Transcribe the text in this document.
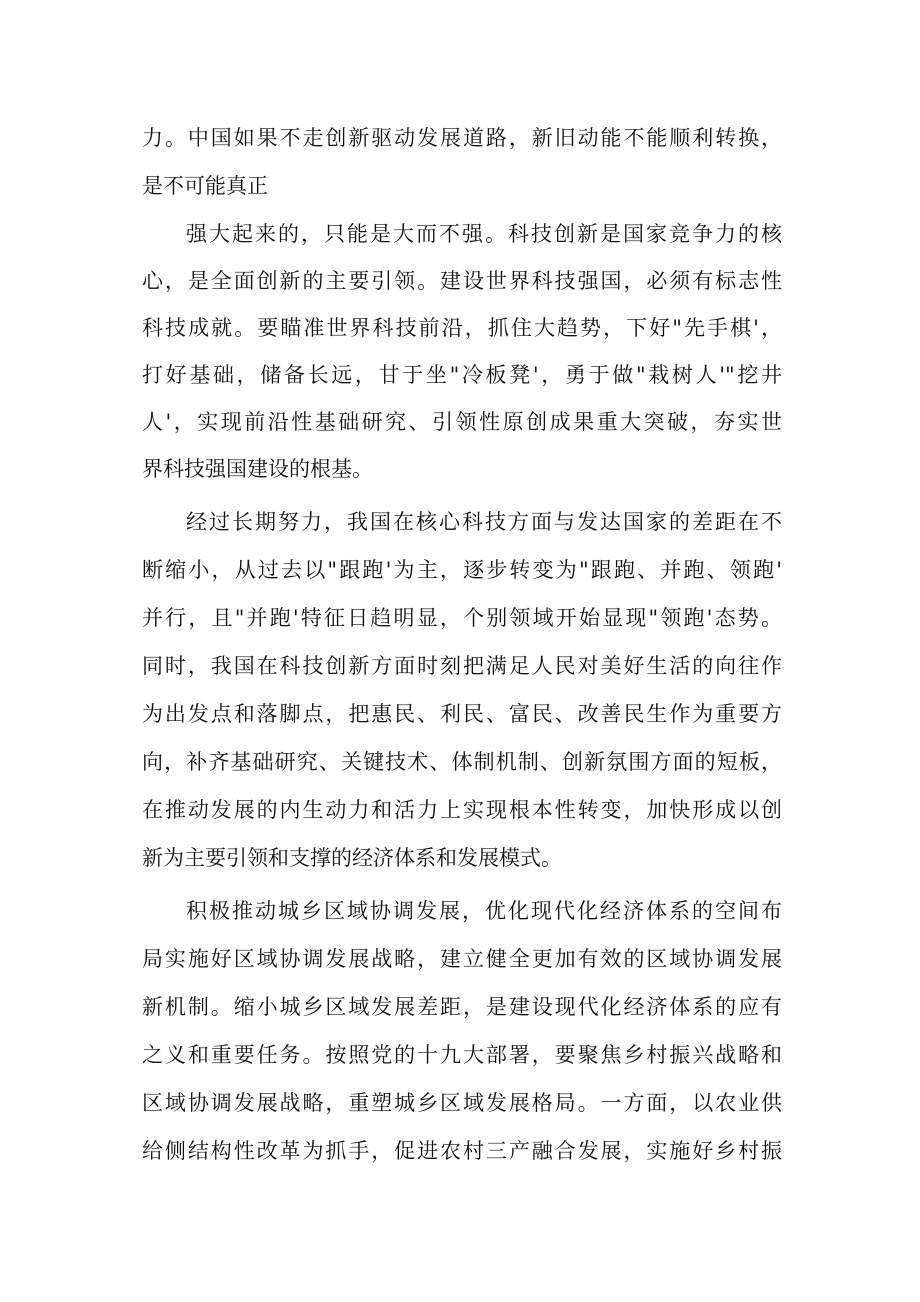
力。中国如果不走创新驱动发展道路，新旧动能不能顺利转换，
是不可能真正
强大起来的，只能是大而不强。科技创新是国家竞争力的核
心，是全面创新的主要引领。建设世界科技强国，必须有标志性
科技成就。要瞄准世界科技前沿，抓住大趋势，下好"先手棋'，
打好基础，储备长远，甘于坐"冷板凳'，勇于做"栽树人'"挖井
人'，实现前沿性基础研究、引领性原创成果重大突破，夯实世
界科技强国建设的根基。
经过长期努力，我国在核心科技方面与发达国家的差距在不
断缩小，从过去以"跟跑'为主，逐步转变为"跟跑、并跑、领跑'
并行，且"并跑'特征日趋明显，个别领域开始显现"领跑'态势。
同时，我国在科技创新方面时刻把满足人民对美好生活的向往作
为出发点和落脚点，把惠民、利民、富民、改善民生作为重要方
向，补齐基础研究、关键技术、体制机制、创新氛围方面的短板，
在推动发展的内生动力和活力上实现根本性转变，加快形成以创
新为主要引领和支撑的经济体系和发展模式。
积极推动城乡区域协调发展，优化现代化经济体系的空间布
局实施好区域协调发展战略，建立健全更加有效的区域协调发展
新机制。缩小城乡区域发展差距，是建设现代化经济体系的应有
之义和重要任务。按照党的十九大部署，要聚焦乡村振兴战略和
区域协调发展战略，重塑城乡区域发展格局。一方面，以农业供
给侧结构性改革为抓手，促进农村三产融合发展，实施好乡村振
